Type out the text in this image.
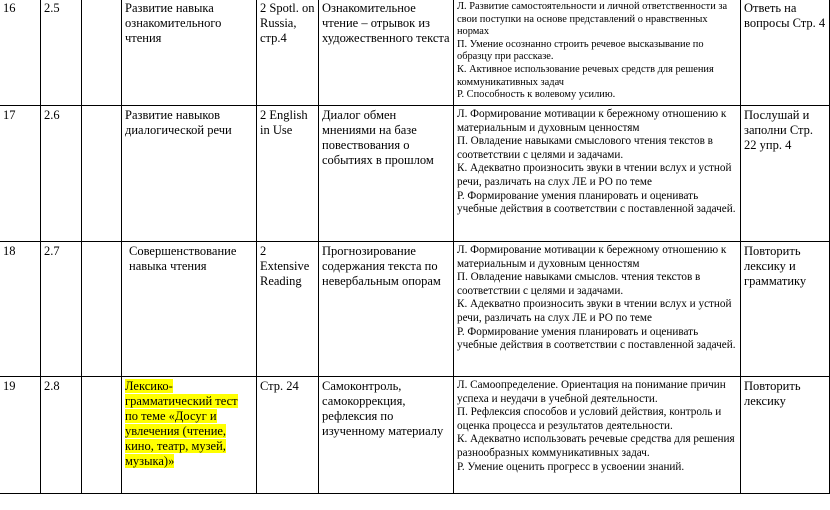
16	2.5		Развитие навыка ознакомительного чтения	2 Spotl. on Russia, стр.4	Ознакомительное чтение – отрывок из художественного текста	Л. Развитие самостоятельности и личной ответственности за свои поступки на основе представлений о нравственных нормах
П. Умение осознанно строить речевое высказывание по образцу при рассказе.
К. Активное использование речевых средств для решения коммуникативных задач
Р. Способность к волевому усилию.	Ответь на вопросы Стр. 4
17	2.6		Развитие навыков диалогической речи	2 English in Use	Диалог обмен мнениями на базе повествования о событиях в прошлом	Л. Формирование мотивации к бережному отношению к материальным и духовным ценностям
П. Овладение навыками смыслового чтения текстов в соответствии с целями и задачами.
К. Адекватно произносить звуки в чтении вслух и устной речи, различать на слух ЛЕ и РО по теме
Р. Формирование умения планировать и оценивать учебные действия в соответствии с поставленной задачей.	Послушай и заполни Стр. 22 упр. 4
18	2.7		Совершенствование навыка чтения	2 Extensive Reading	Прогнозирование содержания текста по невербальным опорам	Л. Формирование мотивации к бережному отношению к материальным и духовным ценностям
П. Овладение навыками смыслов. чтения текстов в соответствии с целями и задачами.
К. Адекватно произносить звуки в чтении вслух и устной речи, различать на слух ЛЕ и РО по теме
Р. Формирование умения планировать и оценивать учебные действия в соответствии с поставленной задачей.	Повторить лексику и грамматику
19	2.8		Лексико-грамматический тест по теме «Досуг и увлечения (чтение, кино, театр, музей, музыка)»	Стр. 24	Самоконтроль, самокоррекция, рефлексия по изученному материалу	Л. Самоопределение. Ориентация на понимание причин успеха и неудачи в учебной деятельности.
П. Рефлексия способов и условий действия, контроль и оценка процесса и результатов деятельности.
К. Адекватно использовать речевые средства для решения разнообразных коммуникативных задач.
Р. Умение оценить прогресс в усвоении знаний.	Повторить лексику
